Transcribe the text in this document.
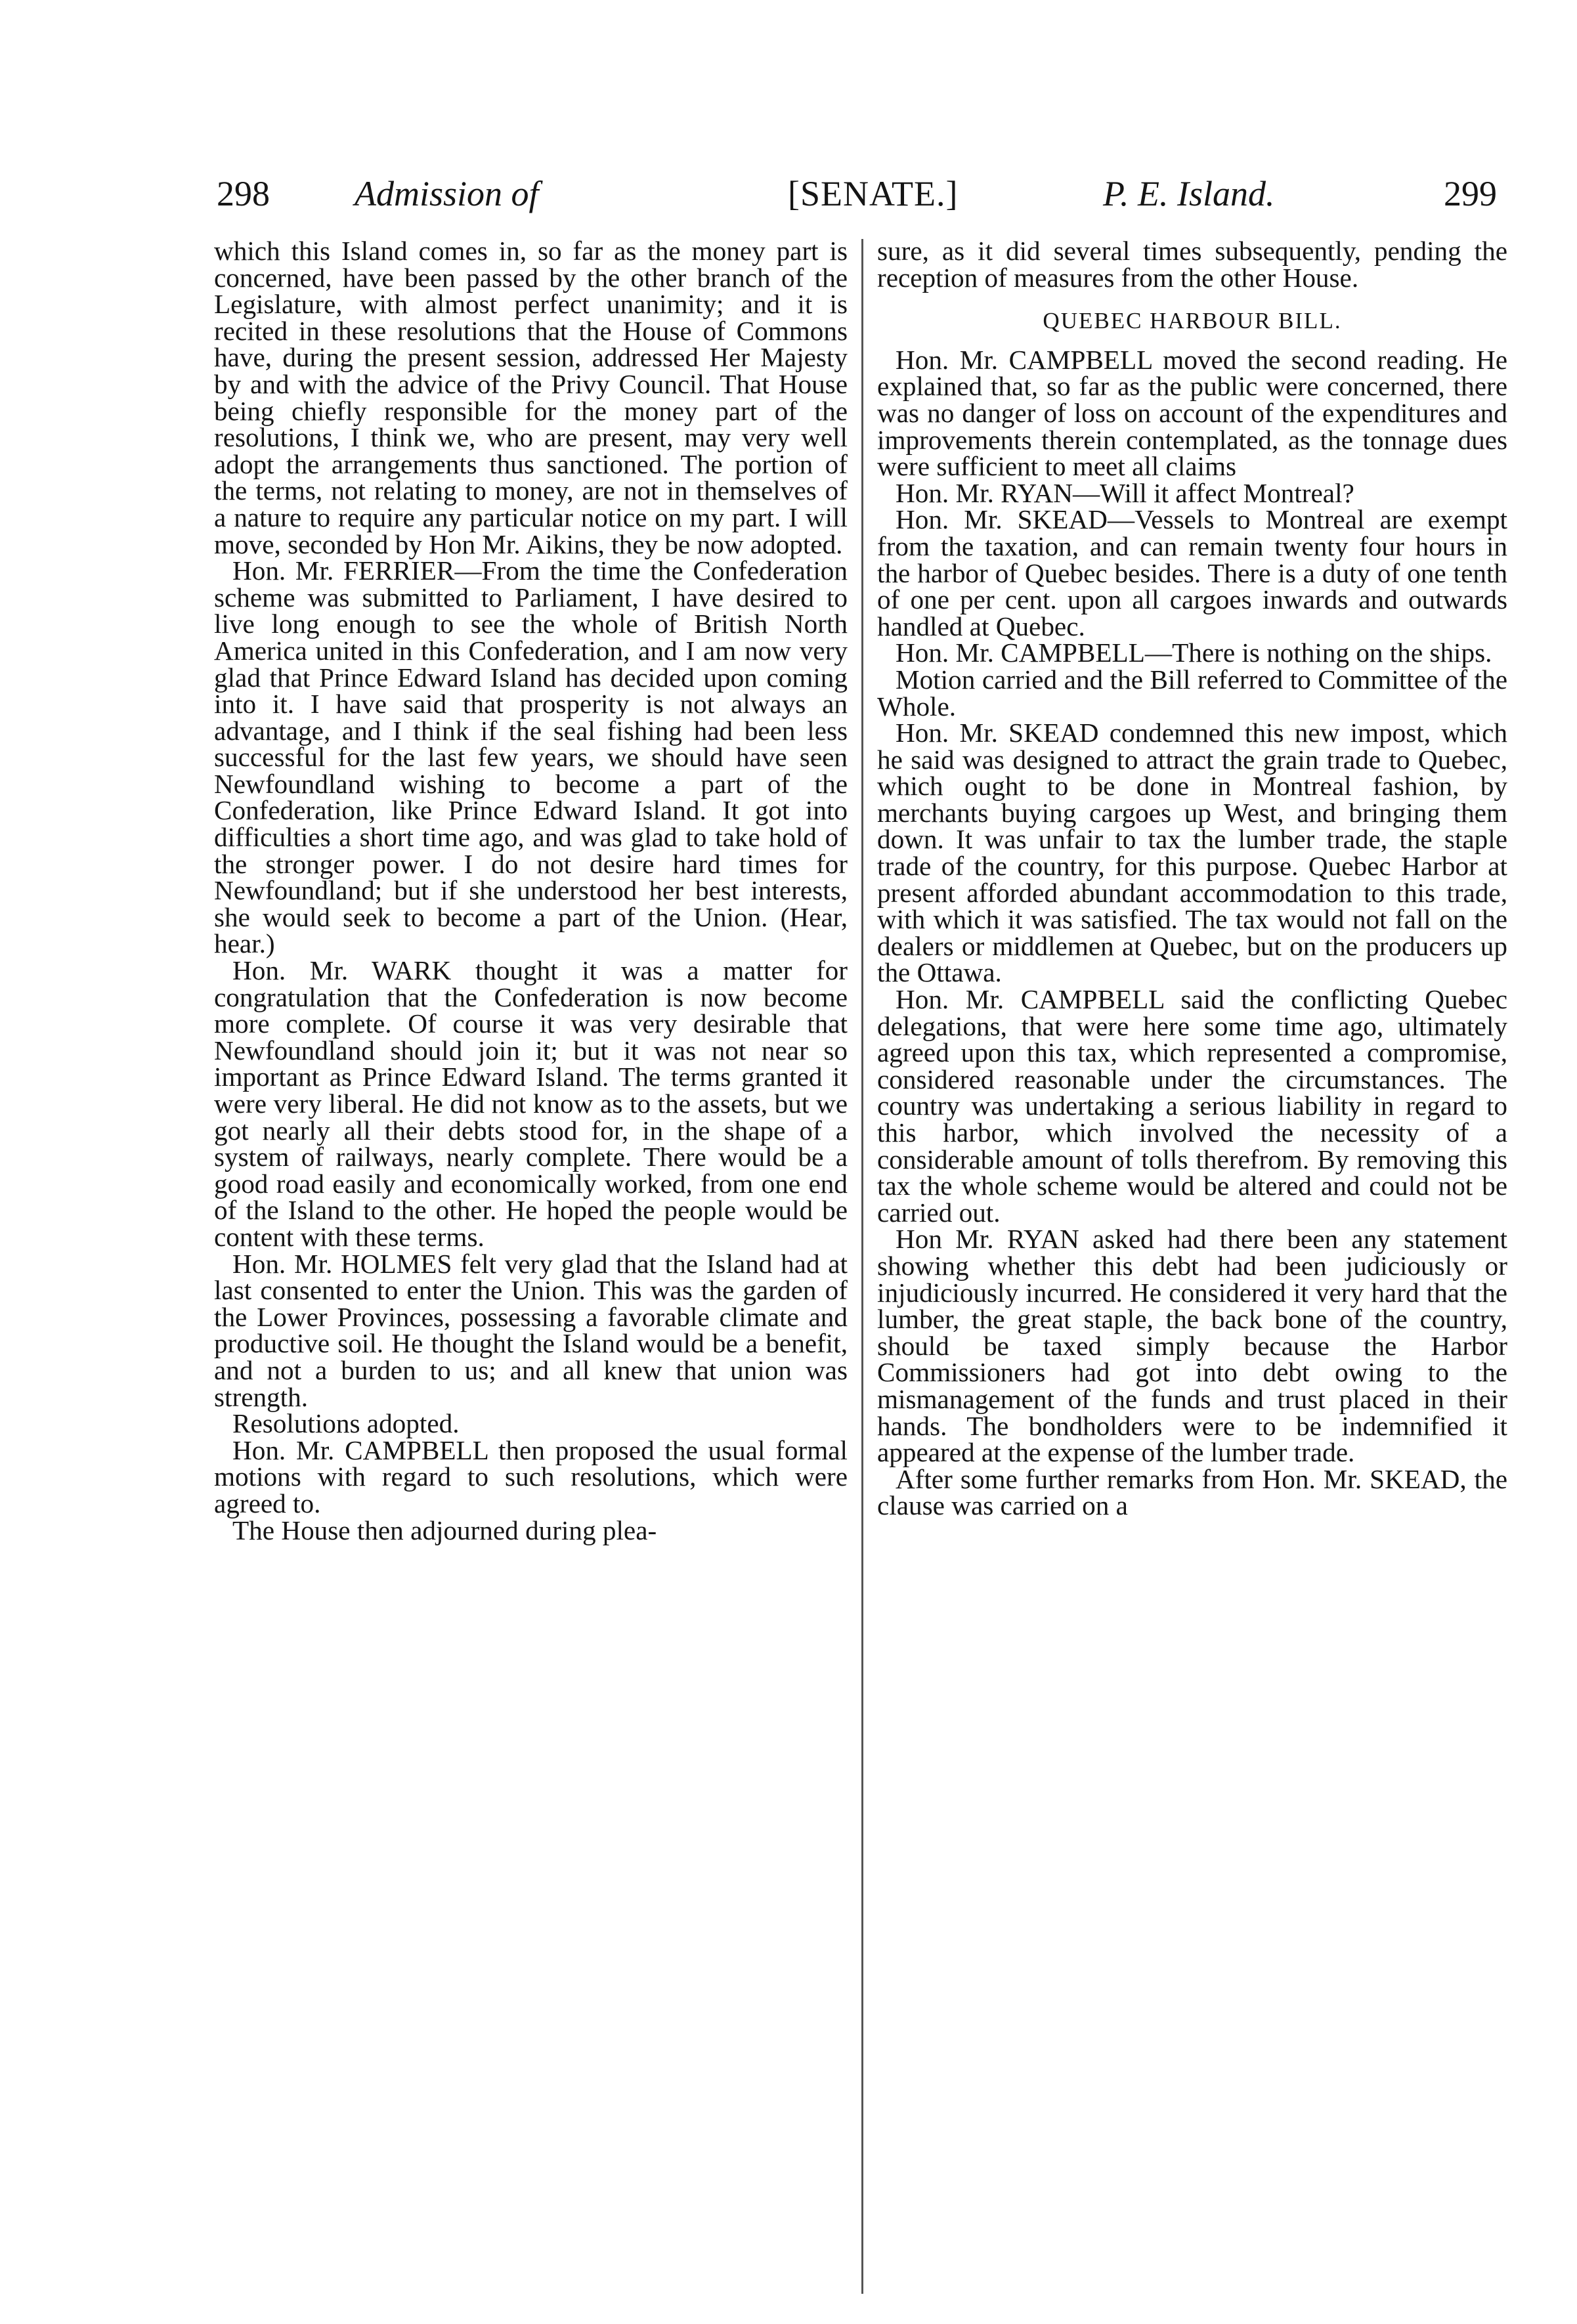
298 Admission of	[SENATE.]	P. E. Island.	299

which this Island comes in, so far as the money part is concerned, have been passed by the other branch of the Legislature, with almost perfect unanimity; and it is recited in these resolutions that the House of Commons have, during the present session, addressed Her Majesty by and with the advice of the Privy Council. That House being chiefly responsible for the money part of the resolutions, I think we, who are present, may very well adopt the arrangements thus sanctioned. The portion of the terms, not relating to money, are not in themselves of a nature to require any particular notice on my part. I will move, seconded by Hon Mr. Aikins, they be now adopted.

Hon. Mr. FERRIER—From the time the Confederation scheme was submitted to Parliament, I have desired to live long enough to see the whole of British North America united in this Confederation, and I am now very glad that Prince Edward Island has decided upon coming into it. I have said that prosperity is not always an advantage, and I think if the seal fishing had been less successful for the last few years, we should have seen Newfoundland wishing to become a part of the Confederation, like Prince Edward Island. It got into difficulties a short time ago, and was glad to take hold of the stronger power. I do not desire hard times for Newfoundland; but if she understood her best interests, she would seek to become a part of the Union. (Hear, hear.)

Hon. Mr. WARK thought it was a matter for congratulation that the Confederation is now become more complete. Of course it was very desirable that Newfoundland should join it; but it was not near so important as Prince Edward Island. The terms granted it were very liberal. He did not know as to the assets, but we got nearly all their debts stood for, in the shape of a system of railways, nearly complete. There would be a good road easily and economically worked, from one end of the Island to the other. He hoped the people would be content with these terms.

Hon. Mr. HOLMES felt very glad that the Island had at last consented to enter the Union. This was the garden of the Lower Provinces, possessing a favorable climate and productive soil. He thought the Island would be a benefit, and not a burden to us; and all knew that union was strength.

Resolutions adopted.

Hon. Mr. CAMPBELL then proposed the usual formal motions with regard to such resolutions, which were agreed to.

The House then adjourned during plea-

sure, as it did several times subsequently, pending the reception of measures from the other House.

QUEBEC HARBOUR BILL.

Hon. Mr. CAMPBELL moved the second reading. He explained that, so far as the public were concerned, there was no danger of loss on account of the expenditures and improvements therein contemplated, as the tonnage dues were sufficient to meet all claims

Hon. Mr. RYAN—Will it affect Montreal?

Hon. Mr. SKEAD—Vessels to Montreal are exempt from the taxation, and can remain twenty four hours in the harbor of Quebec besides. There is a duty of one tenth of one per cent. upon all cargoes inwards and outwards handled at Quebec.

Hon. Mr. CAMPBELL—There is nothing on the ships.

Motion carried and the Bill referred to Committee of the Whole.

Hon. Mr. SKEAD condemned this new impost, which he said was designed to attract the grain trade to Quebec, which ought to be done in Montreal fashion, by merchants buying cargoes up West, and bringing them down. It was unfair to tax the lumber trade, the staple trade of the country, for this purpose. Quebec Harbor at present afforded abundant accommodation to this trade, with which it was satisfied. The tax would not fall on the dealers or middlemen at Quebec, but on the producers up the Ottawa.

Hon. Mr. CAMPBELL said the conflicting Quebec delegations, that were here some time ago, ultimately agreed upon this tax, which represented a compromise, considered reasonable under the circumstances. The country was undertaking a serious liability in regard to this harbor, which involved the necessity of a considerable amount of tolls therefrom. By removing this tax the whole scheme would be altered and could not be carried out.

Hon Mr. RYAN asked had there been any statement showing whether this debt had been judiciously or injudiciously incurred. He considered it very hard that the lumber, the great staple, the back bone of the country, should be taxed simply because the Harbor Commissioners had got into debt owing to the mismanagement of the funds and trust placed in their hands. The bondholders were to be indemnified it appeared at the expense of the lumber trade.

After some further remarks from Hon. Mr. SKEAD, the clause was carried on a
